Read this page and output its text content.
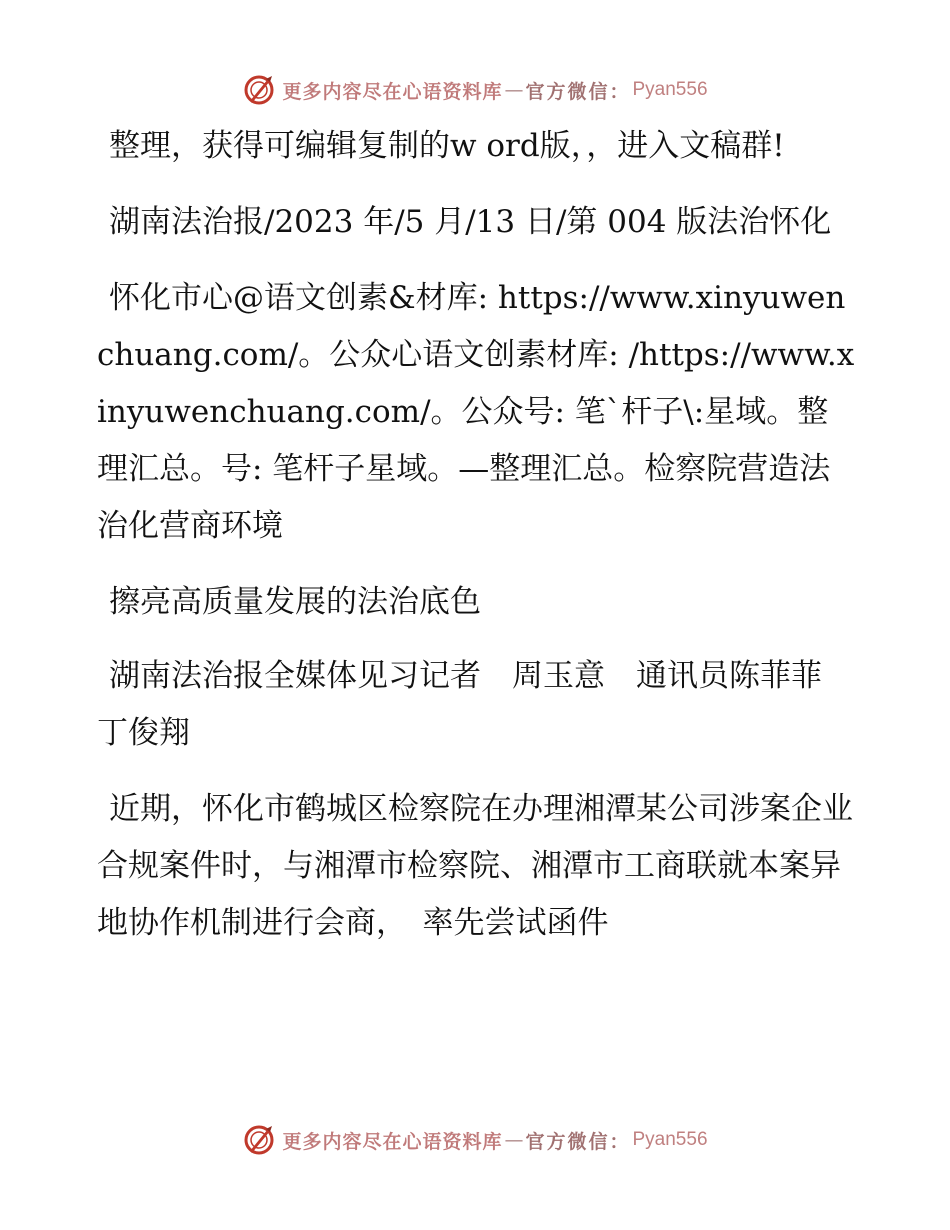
更多内容尽在心语资料库 — 官方微信： Pyan556

整理，获得可编辑复制的w ord版，，进入文稿群!

湖南法治报/2023 年/5 月/13 日/第 004 版法治怀化

怀化市心@语文创素&材库: https://www.xinyuwenchuang.com/。公众心语文创素材库: /https://www.xinyuwenchuang.com/。公众号: 笔`杆子\:星域。整理汇总。号: 笔杆子星域。—整理汇总。检察院营造法治化营商环境

擦亮高质量发展的法治底色

湖南法治报全媒体见习记者　周玉意　通讯员陈菲菲　丁俊翔

近期，怀化市鹤城区检察院在办理湘潭某公司涉案企业合规案件时，与湘潭市检察院、湘潭市工商联就本案异地协作机制进行会商，　率先尝试函件

更多内容尽在心语资料库 — 官方微信： Pyan556
